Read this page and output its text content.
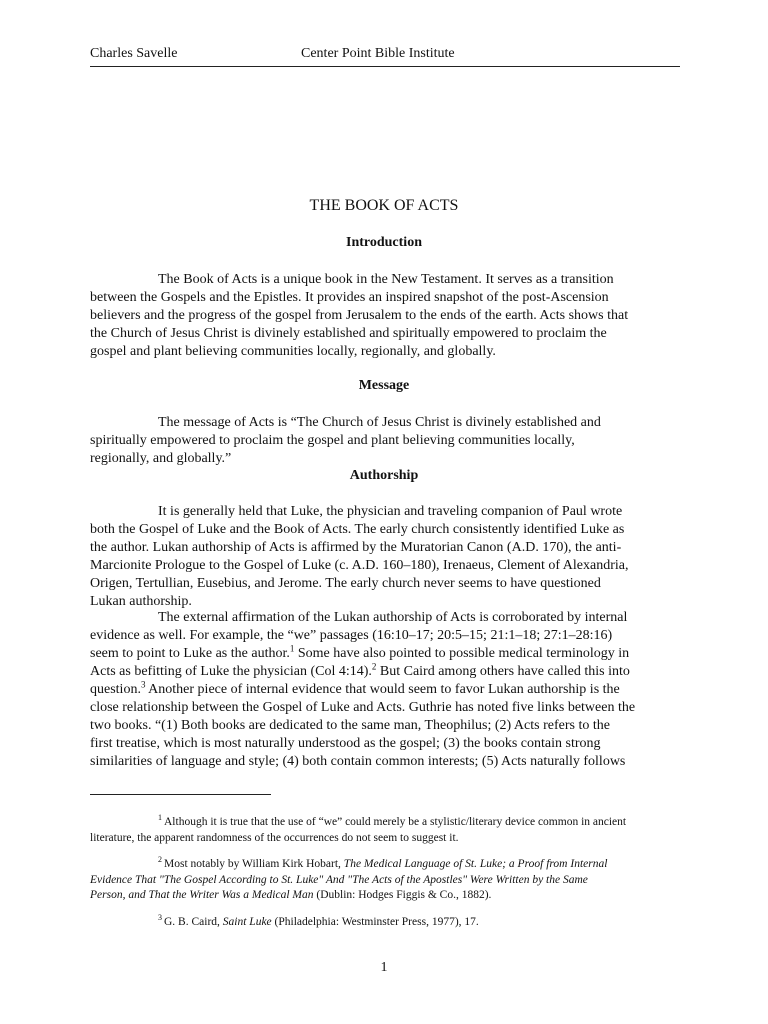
Charles Savelle	Center Point Bible Institute
THE BOOK OF ACTS
Introduction
The Book of Acts is a unique book in the New Testament. It serves as a transition
between the Gospels and the Epistles. It provides an inspired snapshot of the post-Ascension
believers and the progress of the gospel from Jerusalem to the ends of the earth. Acts shows that
the Church of Jesus Christ is divinely established and spiritually empowered to proclaim the
gospel and plant believing communities locally, regionally, and globally.
Message
The message of Acts is “The Church of Jesus Christ is divinely established and
spiritually empowered to proclaim the gospel and plant believing communities locally,
regionally, and globally.”
Authorship
It is generally held that Luke, the physician and traveling companion of Paul wrote
both the Gospel of Luke and the Book of Acts. The early church consistently identified Luke as
the author. Lukan authorship of Acts is affirmed by the Muratorian Canon (A.D. 170), the anti-
Marcionite Prologue to the Gospel of Luke (c. A.D. 160–180), Irenaeus, Clement of Alexandria,
Origen, Tertullian, Eusebius, and Jerome. The early church never seems to have questioned
Lukan authorship.
The external affirmation of the Lukan authorship of Acts is corroborated by internal
evidence as well. For example, the “we” passages (16:10–17; 20:5–15; 21:1–18; 27:1–28:16)
seem to point to Luke as the author.$^1$ Some have also pointed to possible medical terminology in
Acts as befitting of Luke the physician (Col 4:14).$^2$ But Caird among others have called this into
question.$^3$ Another piece of internal evidence that would seem to favor Lukan authorship is the
close relationship between the Gospel of Luke and Acts. Guthrie has noted five links between the
two books. “(1) Both books are dedicated to the same man, Theophilus; (2) Acts refers to the
first treatise, which is most naturally understood as the gospel; (3) the books contain strong
similarities of language and style; (4) both contain common interests; (5) Acts naturally follows
$^1$ Although it is true that the use of “we” could merely be a stylistic/literary device common in ancient
literature, the apparent randomness of the occurrences do not seem to suggest it.
$^2$ Most notably by William Kirk Hobart, The Medical Language of St. Luke; a Proof from Internal
Evidence That "The Gospel According to St. Luke" And "The Acts of the Apostles" Were Written by the Same
Person, and That the Writer Was a Medical Man (Dublin: Hodges Figgis & Co., 1882).
$^3$ G. B. Caird, Saint Luke (Philadelphia: Westminster Press, 1977), 17.
1
